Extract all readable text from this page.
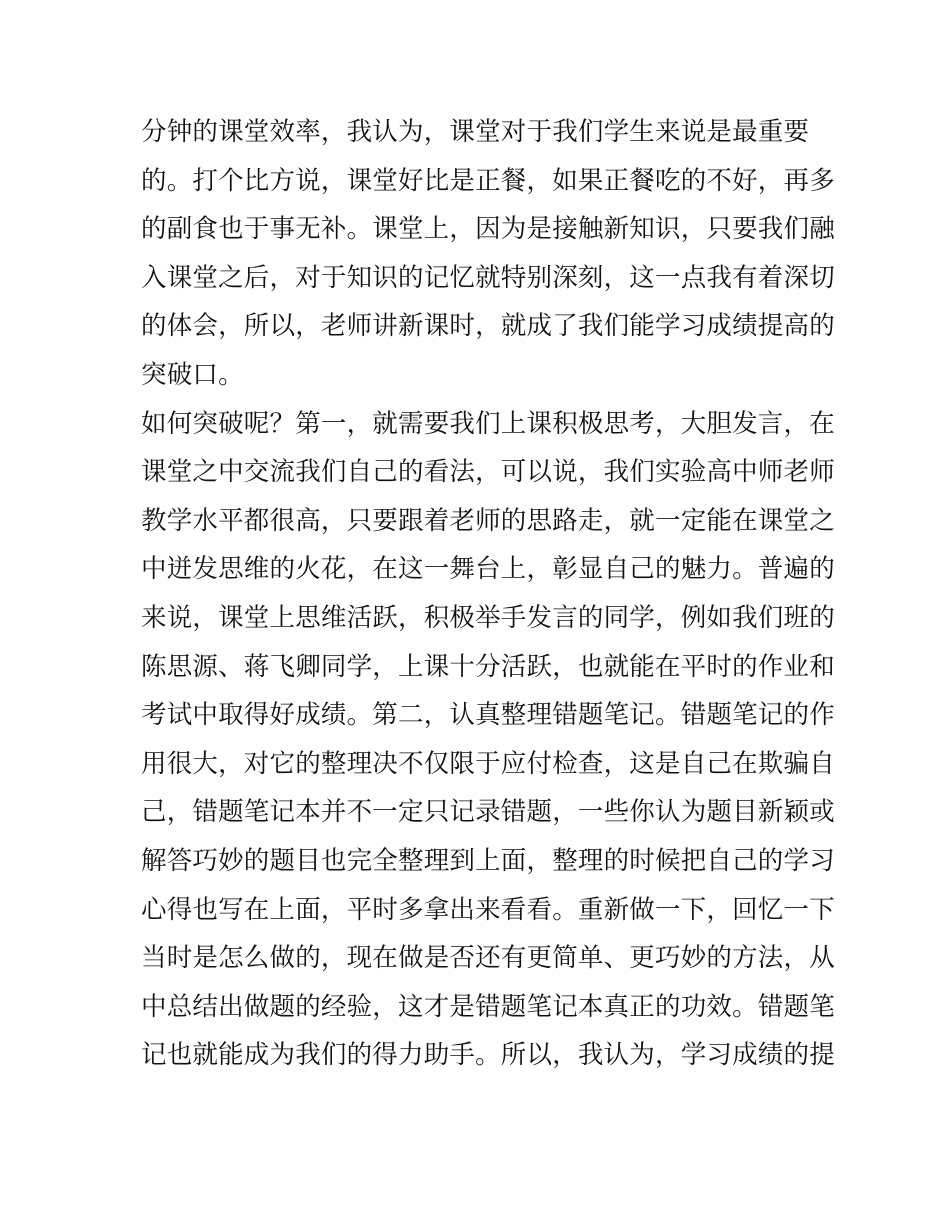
分钟的课堂效率，我认为，课堂对于我们学生来说是最重要
的。打个比方说，课堂好比是正餐，如果正餐吃的不好，再多
的副食也于事无补。课堂上，因为是接触新知识，只要我们融
入课堂之后，对于知识的记忆就特别深刻，这一点我有着深切
的体会，所以，老师讲新课时，就成了我们能学习成绩提高的
突破口。
如何突破呢？第一，就需要我们上课积极思考，大胆发言，在
课堂之中交流我们自己的看法，可以说，我们实验高中师老师
教学水平都很高，只要跟着老师的思路走，就一定能在课堂之
中迸发思维的火花，在这一舞台上，彰显自己的魅力。普遍的
来说，课堂上思维活跃，积极举手发言的同学，例如我们班的
陈思源、蒋飞卿同学，上课十分活跃，也就能在平时的作业和
考试中取得好成绩。第二，认真整理错题笔记。错题笔记的作
用很大，对它的整理决不仅限于应付检查，这是自己在欺骗自
己，错题笔记本并不一定只记录错题，一些你认为题目新颖或
解答巧妙的题目也完全整理到上面，整理的时候把自己的学习
心得也写在上面，平时多拿出来看看。重新做一下，回忆一下
当时是怎么做的，现在做是否还有更简单、更巧妙的方法，从
中总结出做题的经验，这才是错题笔记本真正的功效。错题笔
记也就能成为我们的得力助手。所以，我认为，学习成绩的提
